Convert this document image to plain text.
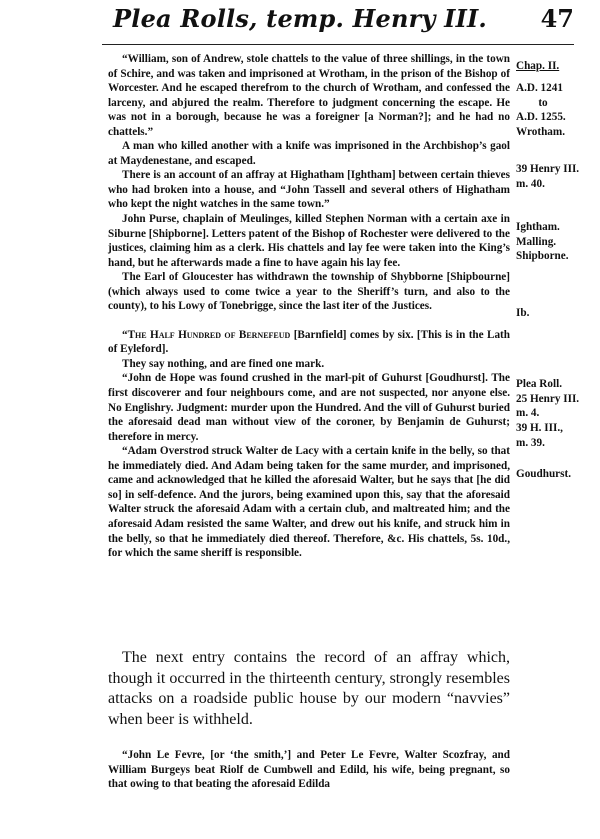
Plea Rolls, temp. Henry III.	47

“William, son of Andrew, stole chattels to the value of three shillings, in the town of Schire, and was taken and imprisoned at Wrotham, in the prison of the Bishop of Worcester. And he escaped therefrom to the church of Wrotham, and confessed the larceny, and abjured the realm. Therefore to judgment concerning the escape. He was not in a borough, because he was a foreigner [a Norman?]; and he had no chattels.”

A man who killed another with a knife was imprisoned in the Archbishop’s gaol at Maydenestane, and escaped.

There is an account of an affray at Highatham [Ightham] between certain thieves who had broken into a house, and “John Tassell and several others of Highatham who kept the night watches in the same town.”

John Purse, chaplain of Meulinges, killed Stephen Norman with a certain axe in Siburne [Shipborne]. Letters patent of the Bishop of Rochester were delivered to the justices, claiming him as a clerk. His chattels and lay fee were taken into the King’s hand, but he afterwards made a fine to have again his lay fee.

The Earl of Gloucester has withdrawn the township of Shybborne [Shipbourne] (which always used to come twice a year to the Sheriff’s turn, and also to the county), to his Lowy of Tonebrigge, since the last iter of the Justices.

“The Half Hundred of Bernefeud [Barnfield] comes by six. [This is in the Lath of Eyleford].

They say nothing, and are fined one mark.

“John de Hope was found crushed in the marl-pit of Guhurst [Goudhurst]. The first discoverer and four neighbours come, and are not suspected, nor anyone else. No Englishry. Judgment: murder upon the Hundred. And the vill of Guhurst buried the aforesaid dead man without view of the coroner, by Benjamin de Guhurst; therefore in mercy.

“Adam Overstrod struck Walter de Lacy with a certain knife in the belly, so that he immediately died. And Adam being taken for the same murder, and imprisoned, came and acknowledged that he killed the aforesaid Walter, but he says that [he did so] in self-defence. And the jurors, being examined upon this, say that the aforesaid Walter struck the aforesaid Adam with a certain club, and maltreated him; and the aforesaid Adam resisted the same Walter, and drew out his knife, and struck him in the belly, so that he immediately died thereof. Therefore, &c. His chattels, 5s. 10d., for which the same sheriff is responsible.

Chap. II.
A.D. 1241
to
A.D. 1255.
Wrotham.
39 Henry III.
m. 40.
Ightham.
Malling.
Shipborne.
Ib.
Plea Roll.
25 Henry III.
m. 4.
39 H. III.,
m. 39.
Goudhurst.
The next entry contains the record of an affray which, though it occurred in the thirteenth century, strongly resembles attacks on a roadside public house by our modern “navvies” when beer is withheld.
“John Le Fevre, [or ‘the smith,’] and Peter Le Fevre, Walter Scozfray, and William Burgeys beat Riolf de Cumbwell and Edild, his wife, being pregnant, so that owing to that beating the aforesaid Edilda
